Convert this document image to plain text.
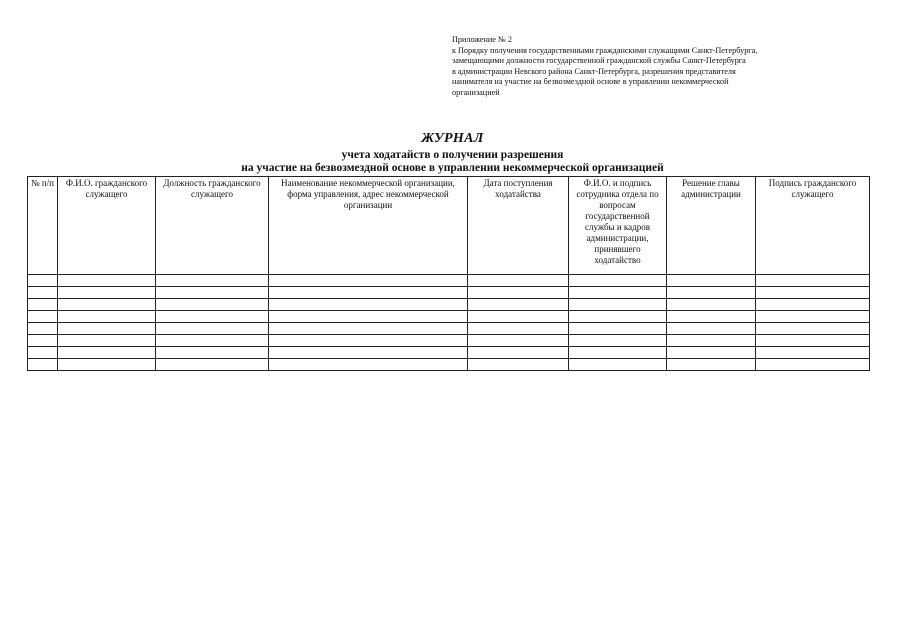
Приложение № 2
к Порядку получения государственными гражданскими служащими Санкт-Петербурга,
замещающими должности государственной гражданской службы Санкт-Петербурга
в администрации Невского района Санкт-Петербурга, разрешения представителя
нанимателя на участие на безвозмездной основе в управлении некоммерческой
организацией
ЖУРНАЛ
учета ходатайств о получении разрешения
на участие на безвозмездной основе в управлении некоммерческой организацией
№ п/п	Ф.И.О. гражданского служащего	Должность гражданского служащего	Наименование некоммерческой организации, форма управления, адрес некоммерческой организации	Дата поступления ходатайства	Ф.И.О. и подпись сотрудника отдела по вопросам государственной службы и кадров администрации, принявшего ходатайство	Решение главы администрации	Подпись гражданского служащего
